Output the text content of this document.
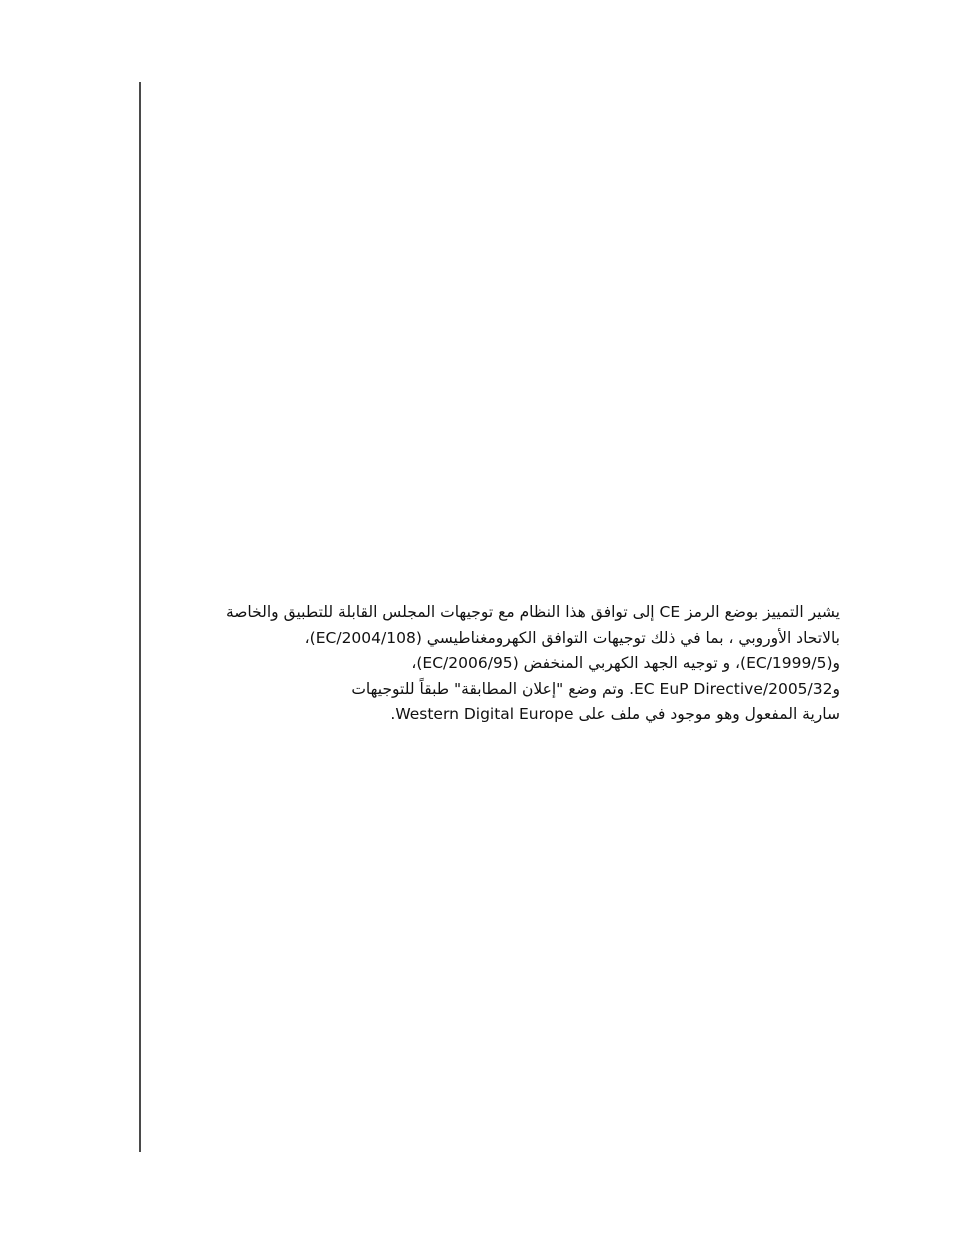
يشير التمييز بوضع الرمز CE إلى توافق هذا النظام مع توجيهات المجلس القابلة للتطبيق والخاصة
بالاتحاد الأوروبي ، بما في ذلك توجيهات التوافق الكهرومغناطيسي (2004/108/EC)،
و(1999/5/EC)، و توجيه الجهد الكهربي المنخفض (2006/95/EC)،
و2005/32/EC EuP Directive. وتم وضع "إعلان المطابقة" طبقاً للتوجيهات
سارية المفعول وهو موجود في ملف على Western Digital Europe.
